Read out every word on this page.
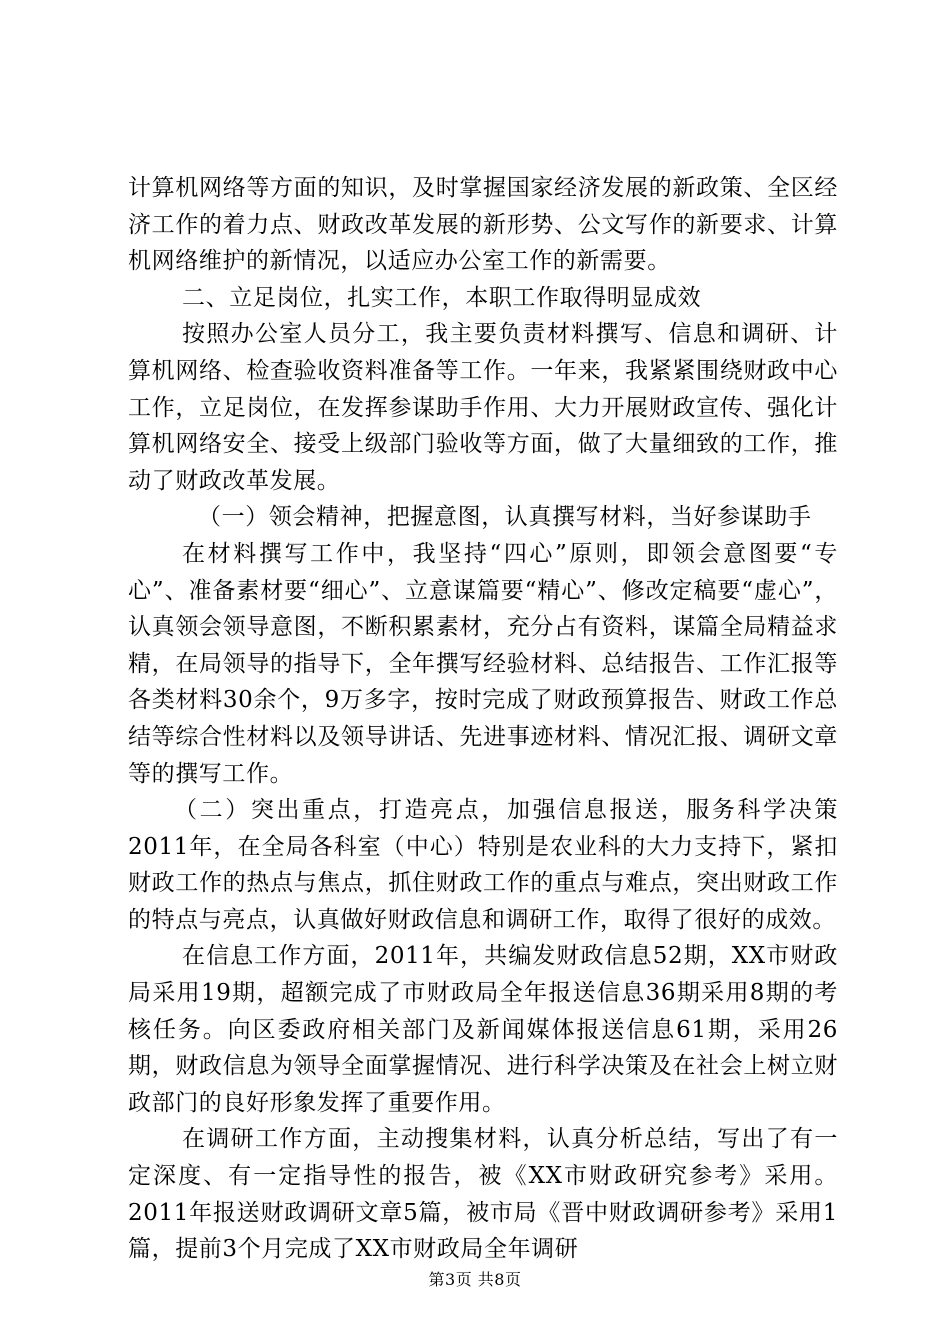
计算机网络等方面的知识，及时掌握国家经济发展的新政策、全区经济工作的着力点、财政改革发展的新形势、公文写作的新要求、计算机网络维护的新情况，以适应办公室工作的新需要。

二、立足岗位，扎实工作，本职工作取得明显成效

按照办公室人员分工，我主要负责材料撰写、信息和调研、计算机网络、检查验收资料准备等工作。一年来，我紧紧围绕财政中心工作，立足岗位，在发挥参谋助手作用、大力开展财政宣传、强化计算机网络安全、接受上级部门验收等方面，做了大量细致的工作，推动了财政改革发展。

（一）领会精神，把握意图，认真撰写材料，当好参谋助手

在材料撰写工作中，我坚持“四心”原则，即领会意图要“专心”、准备素材要“细心”、立意谋篇要“精心”、修改定稿要“虚心”，认真领会领导意图，不断积累素材，充分占有资料，谋篇全局精益求精，在局领导的指导下，全年撰写经验材料、总结报告、工作汇报等各类材料30余个，9万多字，按时完成了财政预算报告、财政工作总结等综合性材料以及领导讲话、先进事迹材料、情况汇报、调研文章等的撰写工作。

（二）突出重点，打造亮点，加强信息报送，服务科学决策2011年，在全局各科室（中心）特别是农业科的大力支持下，紧扣财政工作的热点与焦点，抓住财政工作的重点与难点，突出财政工作的特点与亮点，认真做好财政信息和调研工作，取得了很好的成效。

在信息工作方面，2011年，共编发财政信息52期，XX市财政局采用19期，超额完成了市财政局全年报送信息36期采用8期的考核任务。向区委政府相关部门及新闻媒体报送信息61期，采用26期，财政信息为领导全面掌握情况、进行科学决策及在社会上树立财政部门的良好形象发挥了重要作用。

在调研工作方面，主动搜集材料，认真分析总结，写出了有一定深度、有一定指导性的报告，被《XX市财政研究参考》采用。2011年报送财政调研文章5篇，被市局《晋中财政调研参考》采用1篇，提前3个月完成了XX市财政局全年调研

第3页 共8页
